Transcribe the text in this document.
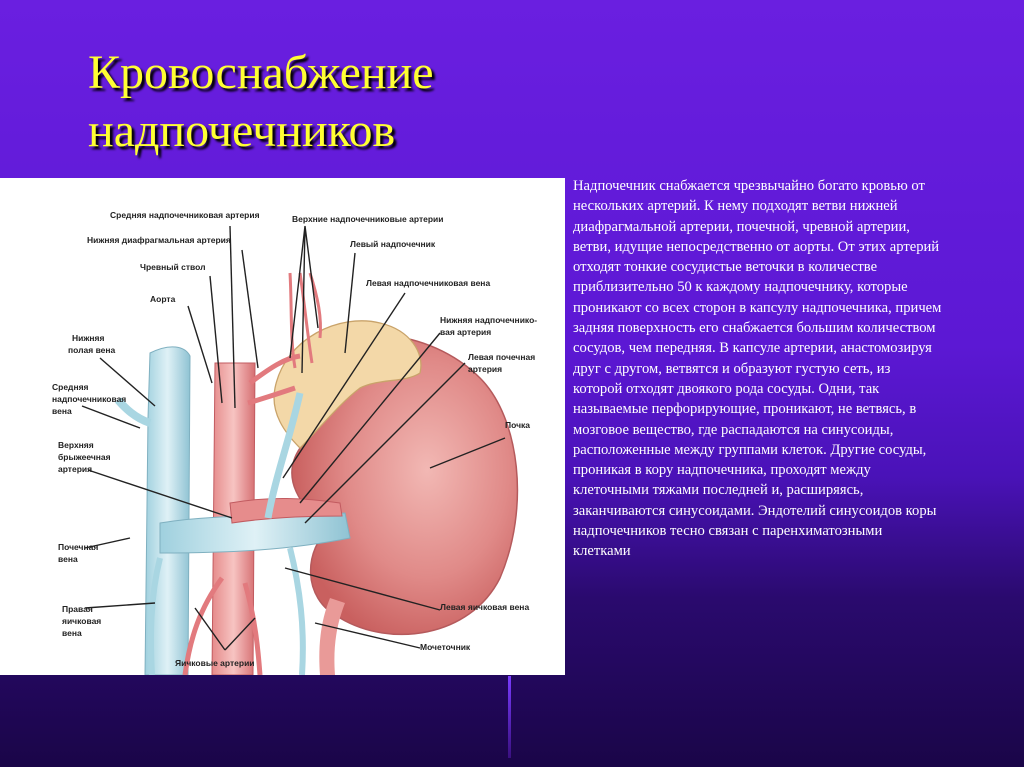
Кровоснабжение надпочечников
Средняя надпочечниковая артерия	Верхние надпочечниковые артерии
Нижняя диафрагмальная артерия	Левый надпочечник
Чревный ствол
Левая надпочечниковая вена
Аорта
Нижняя надпочечнико-
вая артерия
Нижняя
полая вена
Левая почечная
артерия
Средняя
надпочечниковая
вена
Почка
Верхняя
брыжеечная
артерия
Почечная
вена
Правая
яичковая
вена
Левая яичковая вена
Мочеточник
Яичковые артерии
Надпочечник снабжается чрезвычайно богато кровью от нескольких артерий. К нему подходят ветви нижней диафрагмальной артерии, почечной, чревной артерии, ветви, идущие непосредственно от аорты. От этих артерий отходят тонкие сосудистые веточки в количестве приблизительно 50 к каждому надпочечнику, которые проникают со всех сторон в капсулу надпочечника, причем задняя поверхность его снабжается большим количеством сосудов, чем передняя. В капсуле артерии, анастомозируя друг с другом, ветвятся и образуют густую сеть, из которой отходят двоякого рода сосуды. Одни, так называемые перфорирующие, проникают, не ветвясь, в мозговое вещество, где распадаются на синусоиды, расположенные между группами клеток. Другие сосуды, проникая в кору надпочечника, проходят между клеточными тяжами последней и, расширяясь, заканчиваются синусоидами. Эндотелий синусоидов коры надпочечников тесно связан с паренхиматозными клетками
